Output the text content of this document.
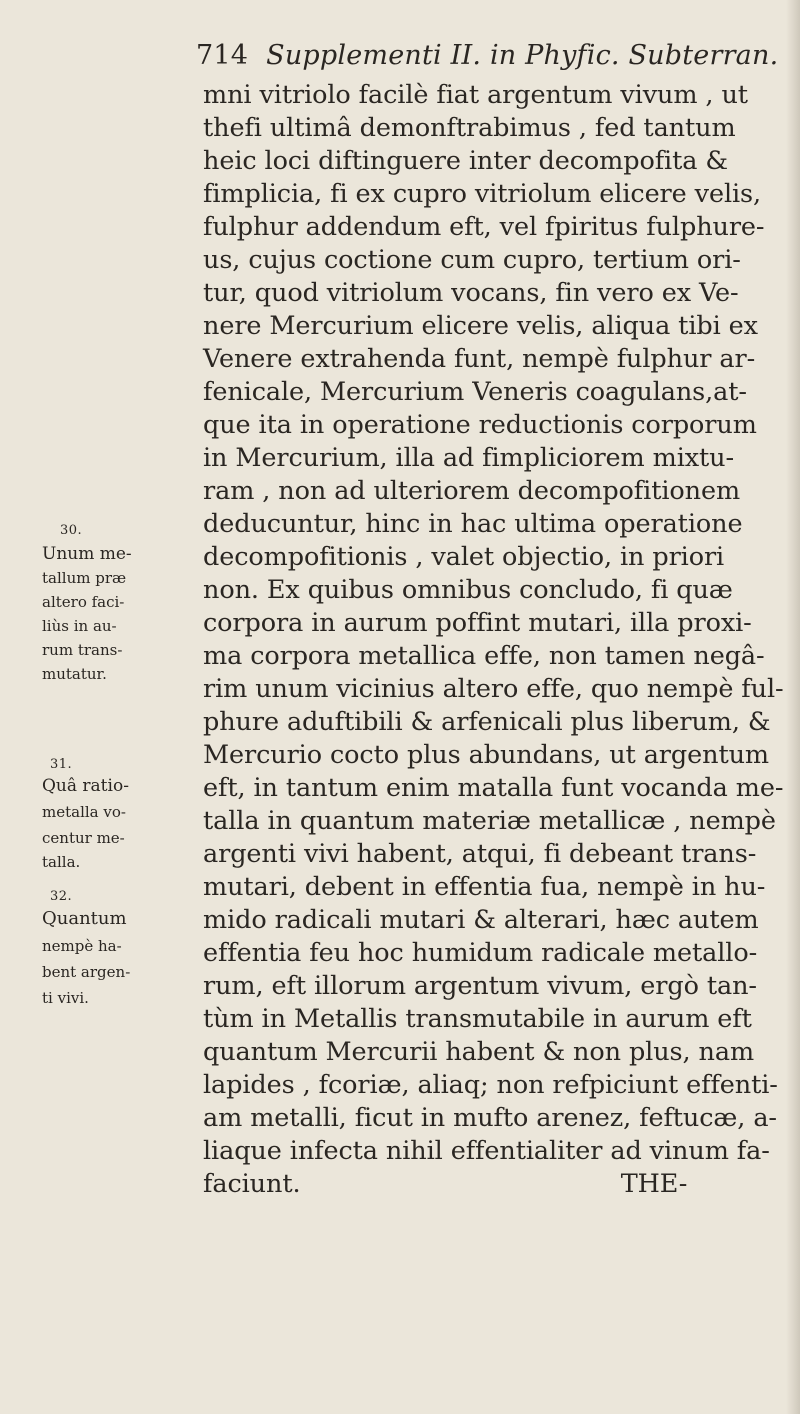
714 Supplementi II. in Phyfic. Subterran.
mni vitriolo facilè fiat argentum vivum , ut
thefi ultimâ demonftrabimus , fed tantum
heic loci diftinguere inter decompofita &
fimplicia, fi ex cupro vitriolum elicere velis,
fulphur addendum eft, vel fpiritus fulphure-
us, cujus coctione cum cupro, tertium ori-
tur, quod vitriolum vocans, fin vero ex Ve-
nere Mercurium elicere velis, aliqua tibi ex
Venere extrahenda funt, nempè fulphur ar-
fenicale, Mercurium Veneris coagulans,at-
que ita in operatione reductionis corporum
in Mercurium, illa ad fimpliciorem mixtu-
ram , non ad ulteriorem decompofitionem
deducuntur, hinc in hac ultima operatione
decompofitionis , valet objectio, in priori
non. Ex quibus omnibus concludo, fi quæ
corpora in aurum poffint mutari, illa proxi-
ma corpora metallica effe, non tamen negâ-
rim unum vicinius altero effe, quo nempè ful-
phure aduftibili & arfenicali plus liberum, &
Mercurio cocto plus abundans, ut argentum
eft, in tantum enim matalla funt vocanda me-
talla in quantum materiæ metallicæ , nempè
argenti vivi habent, atqui, fi debeant trans-
mutari, debent in effentia fua, nempè in hu-
mido radicali mutari & alterari, hæc autem
effentia feu hoc humidum radicale metallo-
rum, eft illorum argentum vivum, ergò tan-
tùm in Metallis transmutabile in aurum eft
quantum Mercurii habent & non plus, nam
lapides , fcoriæ, aliaq; non refpiciunt effenti-
am metalli, ficut in mufto arenez, feftucæ, a-
liaque infecta nihil effentialiter ad vinum fa-
faciunt.                                        THE-
30.
Unum me-
tallum præ
altero faci-
liùs in au-
rum trans-
mutatur.
31.
Quâ ratio-
metalla vo-
centur me-
talla.
32.
Quantum
nempè ha-
bent argen-
ti vivi.
